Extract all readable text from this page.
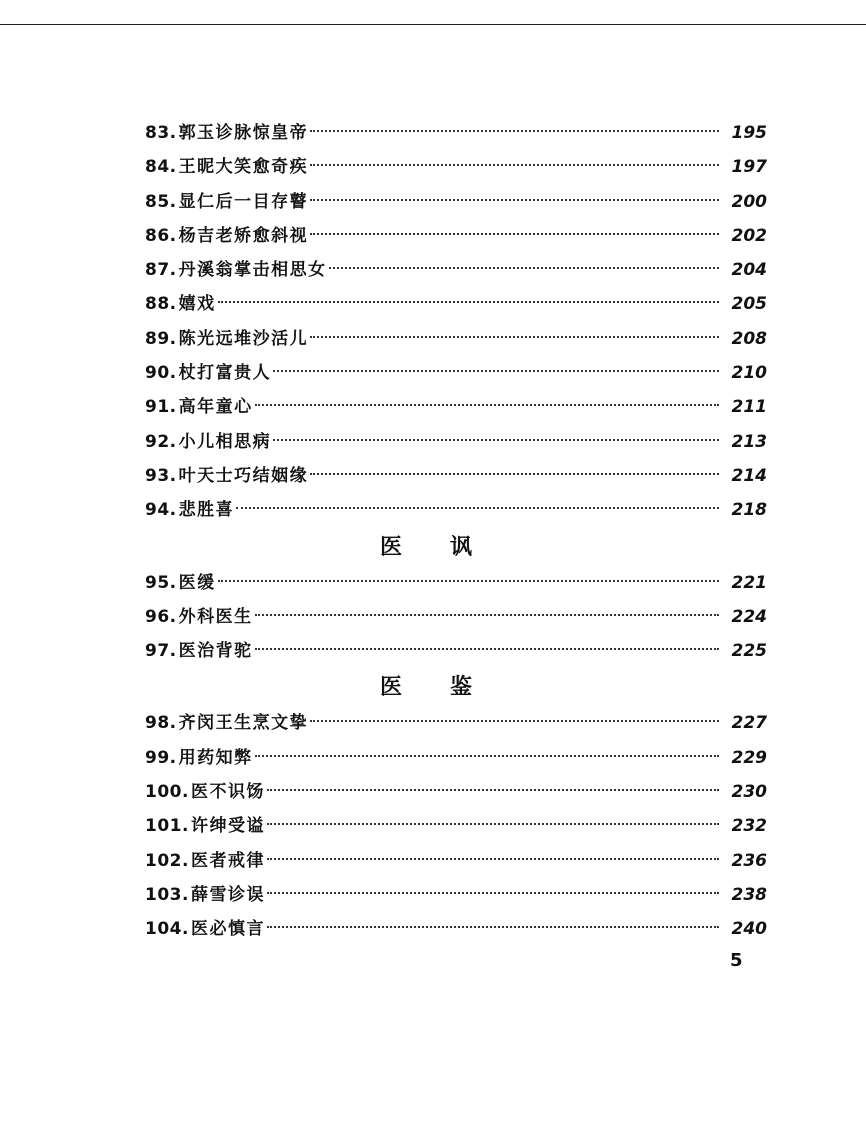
83. 郭玉诊脉惊皇帝	195
84. 王昵大笑愈奇疾	197
85. 显仁后一目存瞽	200
86. 杨吉老矫愈斜视	202
87. 丹溪翁掌击相思女	204
88. 嬉戏	205
89. 陈光远堆沙活儿	208
90. 杖打富贵人	210
91. 高年童心	211
92. 小儿相思病	213
93. 叶天士巧结姻缘	214
94. 悲胜喜	218
医讽
95. 医缓	221
96. 外科医生	224
97. 医治背驼	225
医鉴
98. 齐闵王生烹文挚	227
99. 用药知弊	229
100. 医不识饧	230
101. 许绅受谥	232
102. 医者戒律	236
103. 薛雪诊误	238
104. 医必慎言	240
5
